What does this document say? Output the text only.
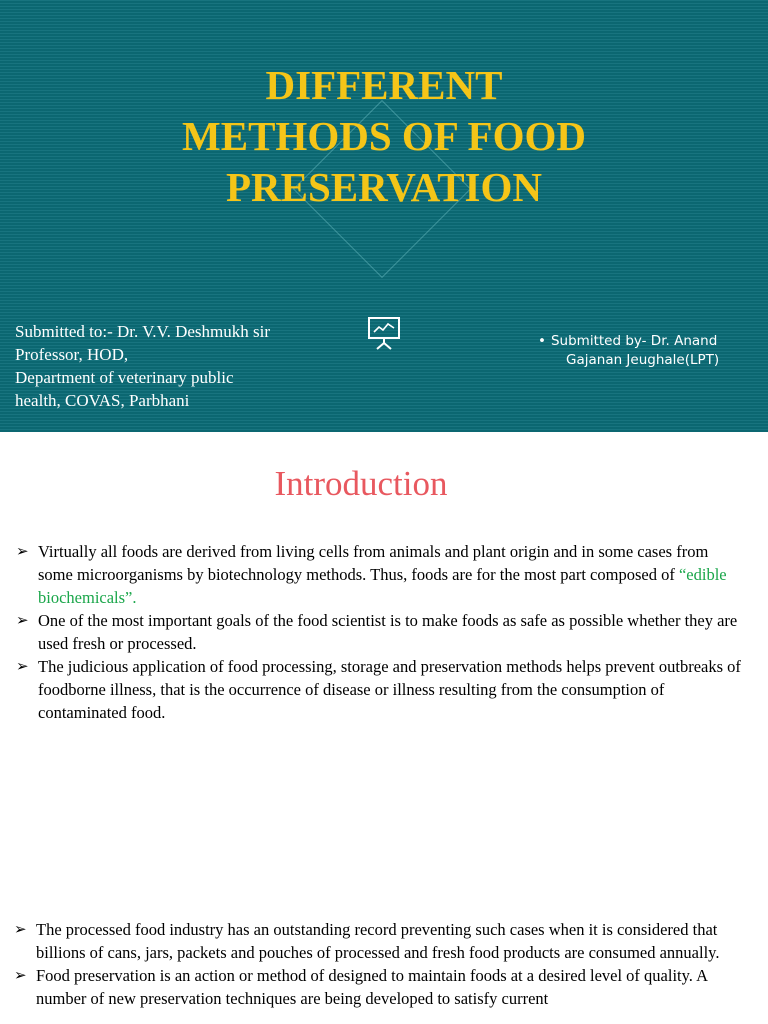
DIFFERENT
METHODS OF FOOD
PRESERVATION
Submitted to:- Dr. V.V. Deshmukh sir
Professor, HOD,
Department of veterinary public
health, COVAS, Parbhani
• Submitted by- Dr. Anand
Gajanan Jeughale(LPT)
Introduction
➢ Virtually all foods are derived from living cells from animals and plant origin and in some cases from some microorganisms by biotechnology methods. Thus, foods are for the most part composed of “edible biochemicals”.
➢ One of the most important goals of the food scientist is to make foods as safe as possible whether they are used fresh or processed.
➢ The judicious application of food processing, storage and preservation methods helps prevent outbreaks of foodborne illness, that is the occurrence of disease or illness resulting from the consumption of contaminated food.
➢ The processed food industry has an outstanding record preventing such cases when it is considered that billions of cans, jars, packets and pouches of processed and fresh food products are consumed annually.
➢ Food preservation is an action or method of designed to maintain foods at a desired level of quality. A number of new preservation techniques are being developed to satisfy current
